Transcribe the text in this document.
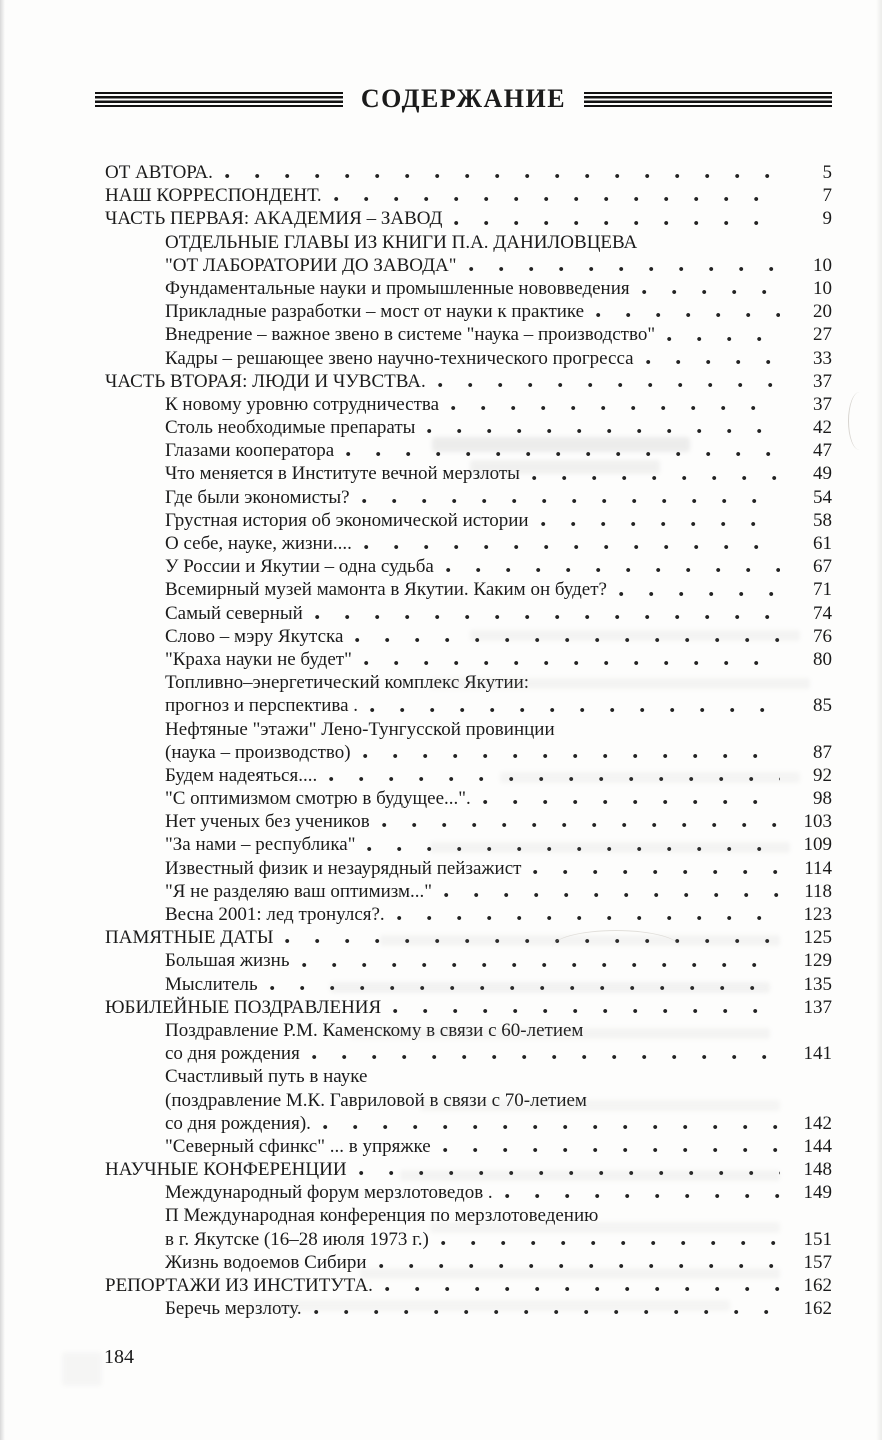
СОДЕРЖАНИЕ
ОТ АВТОРА.	5
НАШ КОРРЕСПОНДЕНТ.	7
ЧАСТЬ ПЕРВАЯ: АКАДЕМИЯ – ЗАВОД	9
ОТДЕЛЬНЫЕ ГЛАВЫ ИЗ КНИГИ П.А. ДАНИЛОВЦЕВА
"ОТ ЛАБОРАТОРИИ ДО ЗАВОДА"	10
Фундаментальные науки и промышленные нововведения	10
Прикладные разработки – мост от науки к практике	20
Внедрение – важное звено в системе "наука – производство"	27
Кадры – решающее звено научно-технического прогресса	33
ЧАСТЬ ВТОРАЯ: ЛЮДИ И ЧУВСТВА.	37
К новому уровню сотрудничества	37
Столь необходимые препараты	42
Глазами кооператора	47
Что меняется в Институте вечной мерзлоты	49
Где были экономисты?	54
Грустная история об экономической истории	58
О себе, науке, жизни....	61
У России и Якутии – одна судьба	67
Всемирный музей мамонта в Якутии. Каким он будет?	71
Самый северный	74
Слово – мэру Якутска	76
"Краха науки не будет"	80
Топливно–энергетический комплекс Якутии:
прогноз и перспектива .	85
Нефтяные "этажи" Лено-Тунгусской провинции
(наука – производство)	87
Будем надеяться....	92
"С оптимизмом смотрю в будущее...".	98
Нет ученых без учеников	103
"За нами – республика"	109
Известный физик и незаурядный пейзажист	114
"Я не разделяю ваш оптимизм..."	118
Весна 2001: лед тронулся?.	123
ПАМЯТНЫЕ ДАТЫ	125
Большая жизнь	129
Мыслитель	135
ЮБИЛЕЙНЫЕ ПОЗДРАВЛЕНИЯ	137
Поздравление Р.М. Каменскому в связи с 60-летием
со дня рождения	141
Счастливый путь в науке
(поздравление М.К. Гавриловой в связи с 70-летием
со дня рождения).	142
"Северный сфинкс" ... в упряжке	144
НАУЧНЫЕ КОНФЕРЕНЦИИ	148
Международный форум мерзлотоведов .	149
П Международная конференция по мерзлотоведению
в г. Якутске (16–28 июля 1973 г.)	151
Жизнь водоемов Сибири	157
РЕПОРТАЖИ ИЗ ИНСТИТУТА.	162
Беречь мерзлоту.	162
184
